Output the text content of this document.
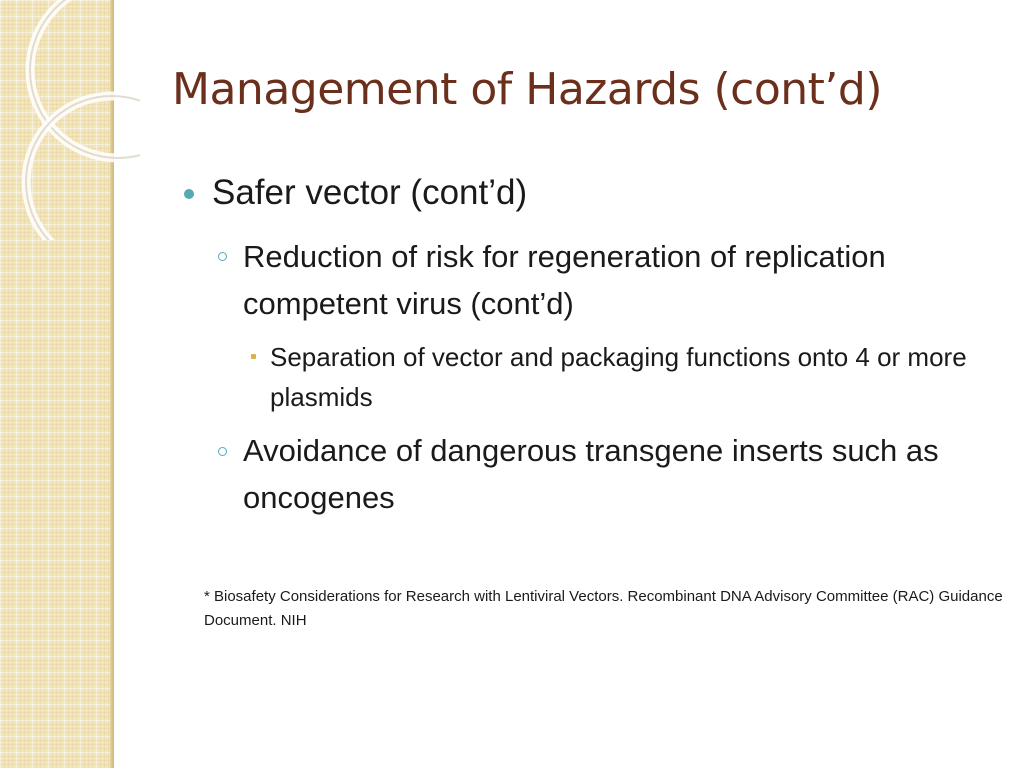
Management of Hazards (cont’d)
Safer vector (cont’d)
Reduction of risk for regeneration of replication competent virus (cont’d)
Separation of vector and packaging functions onto 4 or more plasmids
Avoidance of dangerous transgene inserts such as oncogenes
* Biosafety Considerations for Research with Lentiviral Vectors. Recombinant DNA Advisory Committee (RAC) Guidance Document. NIH
